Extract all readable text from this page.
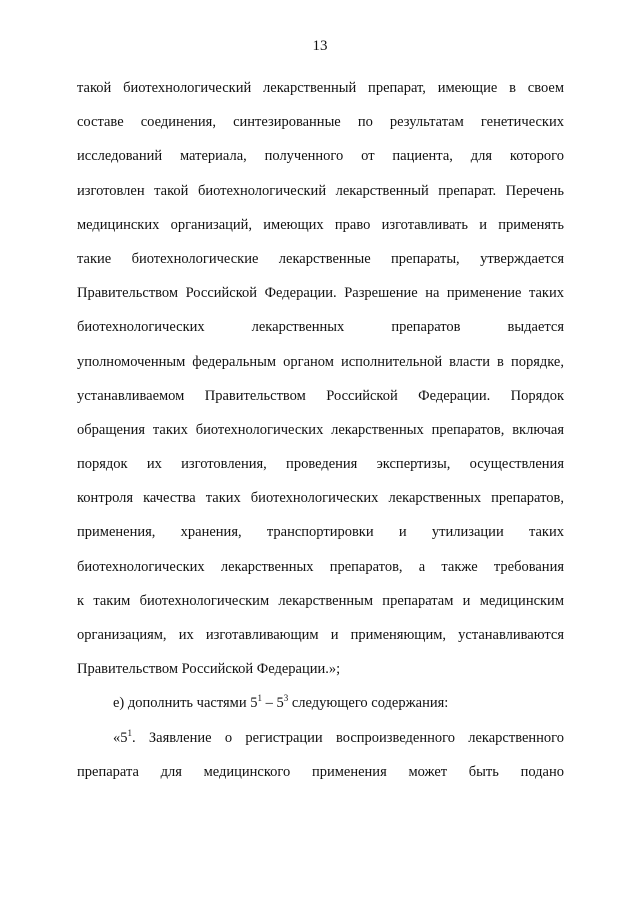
13
такой биотехнологический лекарственный препарат, имеющие в своем
составе соединения, синтезированные по результатам генетических
исследований материала, полученного от пациента, для которого
изготовлен такой биотехнологический лекарственный препарат. Перечень
медицинских организаций, имеющих право изготавливать и применять
такие биотехнологические лекарственные препараты, утверждается
Правительством Российской Федерации. Разрешение на применение таких
биотехнологических лекарственных препаратов выдается
уполномоченным федеральным органом исполнительной власти в порядке,
устанавливаемом Правительством Российской Федерации. Порядок
обращения таких биотехнологических лекарственных препаратов, включая
порядок их изготовления, проведения экспертизы, осуществления
контроля качества таких биотехнологических лекарственных препаратов,
применения, хранения, транспортировки и утилизации таких
биотехнологических лекарственных препаратов, а также требования
к таким биотехнологическим лекарственным препаратам и медицинским
организациям, их изготавливающим и применяющим, устанавливаются
Правительством Российской Федерации.»;
е) дополнить частями $5^1 - 5^3$ следующего содержания:
«$5^1$. Заявление о регистрации воспроизведенного лекарственного
препарата для медицинского применения может быть подано
